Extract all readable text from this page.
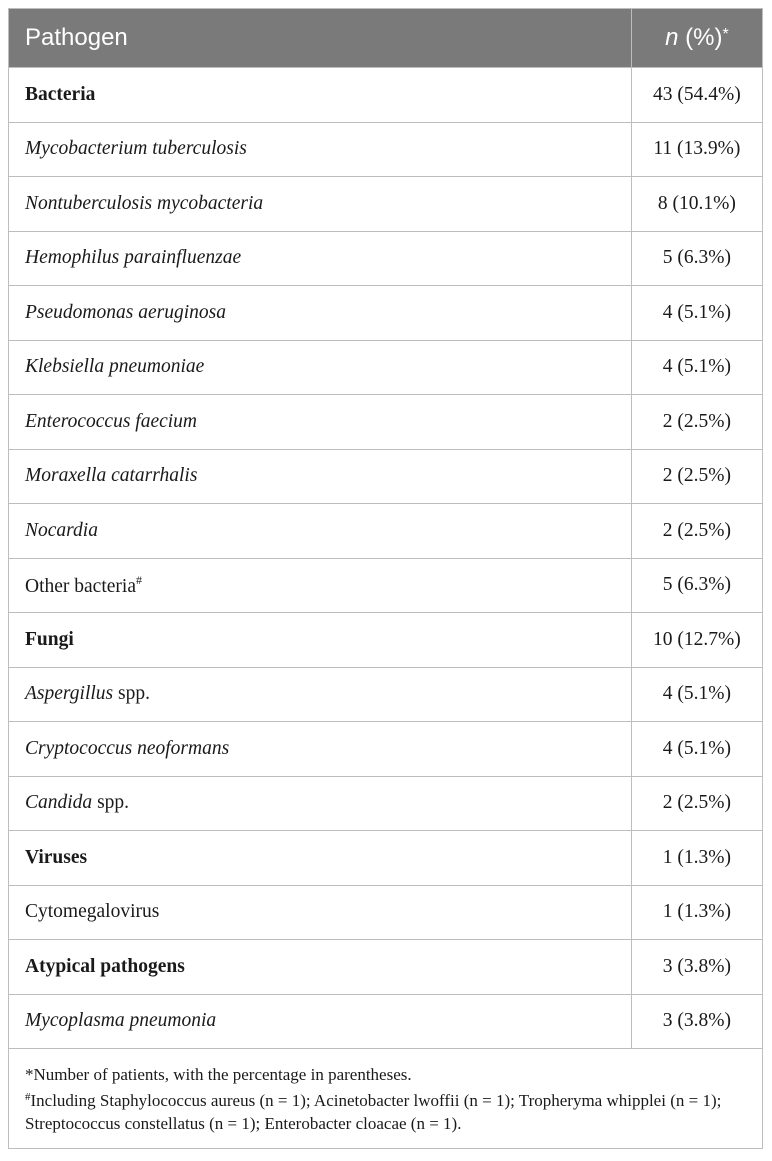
Pathogen	n (%)*
Bacteria	43 (54.4%)
Mycobacterium tuberculosis	11 (13.9%)
Nontuberculosis mycobacteria	8 (10.1%)
Hemophilus parainfluenzae	5 (6.3%)
Pseudomonas aeruginosa	4 (5.1%)
Klebsiella pneumoniae	4 (5.1%)
Enterococcus faecium	2 (2.5%)
Moraxella catarrhalis	2 (2.5%)
Nocardia	2 (2.5%)
Other bacteria#	5 (6.3%)
Fungi	10 (12.7%)
Aspergillus spp.	4 (5.1%)
Cryptococcus neoformans	4 (5.1%)
Candida spp.	2 (2.5%)
Viruses	1 (1.3%)
Cytomegalovirus	1 (1.3%)
Atypical pathogens	3 (3.8%)
Mycoplasma pneumonia	3 (3.8%)

*Number of patients, with the percentage in parentheses.
#Including Staphylococcus aureus (n = 1); Acinetobacter lwoffii (n = 1); Tropheryma whipplei (n = 1); Streptococcus constellatus (n = 1); Enterobacter cloacae (n = 1).	
